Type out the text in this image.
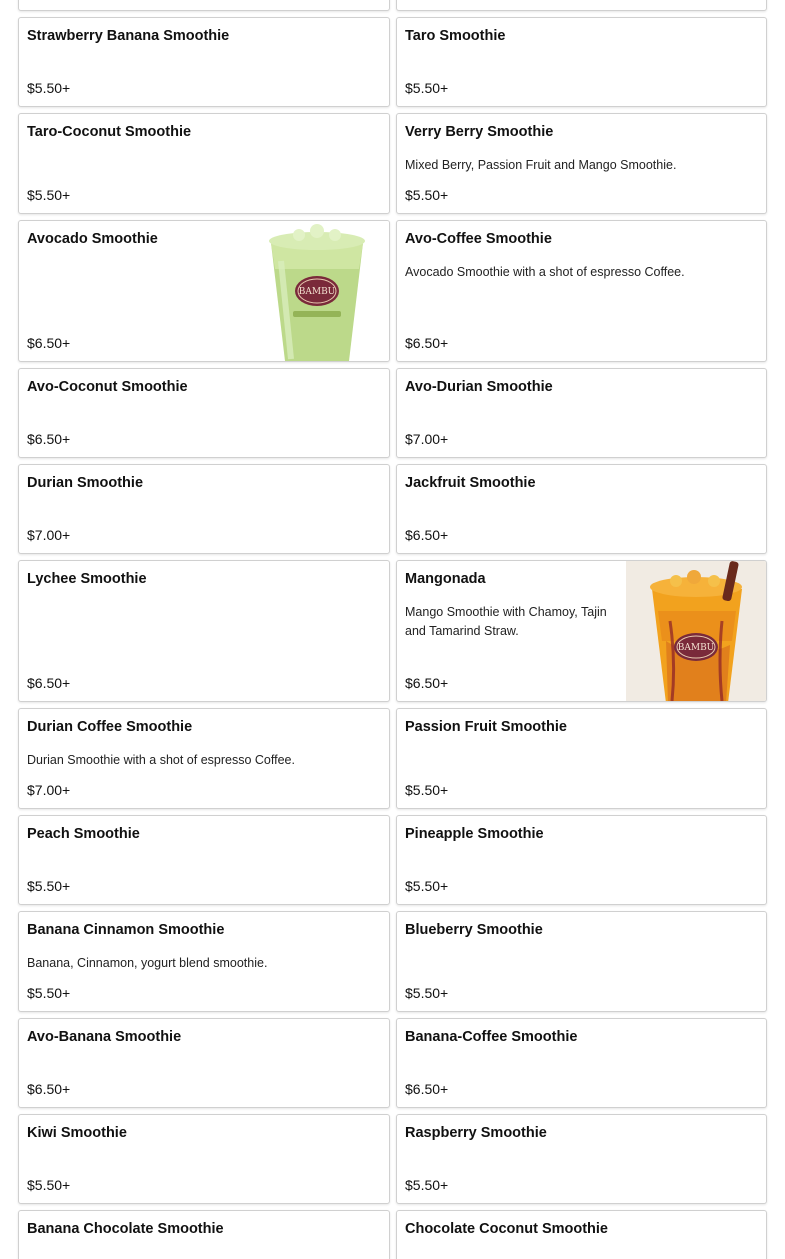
Strawberry Banana Smoothie
$5.50+
Taro Smoothie
$5.50+
Taro-Coconut Smoothie
$5.50+
Verry Berry Smoothie
Mixed Berry, Passion Fruit and Mango Smoothie.
$5.50+
Avocado Smoothie
$6.50+
BAMBU
Avo-Coffee Smoothie
Avocado Smoothie with a shot of espresso Coffee.
$6.50+
Avo-Coconut Smoothie
$6.50+
Avo-Durian Smoothie
$7.00+
Durian Smoothie
$7.00+
Jackfruit Smoothie
$6.50+
Lychee Smoothie
$6.50+
Mangonada
Mango Smoothie with Chamoy, Tajin and Tamarind Straw.
$6.50+
BAMBU
Durian Coffee Smoothie
Durian Smoothie with a shot of espresso Coffee.
$7.00+
Passion Fruit Smoothie
$5.50+
Peach Smoothie
$5.50+
Pineapple Smoothie
$5.50+
Banana Cinnamon Smoothie
Banana, Cinnamon, yogurt blend smoothie.
$5.50+
Blueberry Smoothie
$5.50+
Avo-Banana Smoothie
$6.50+
Banana-Coffee Smoothie
$6.50+
Kiwi Smoothie
$5.50+
Raspberry Smoothie
$5.50+
Banana Chocolate Smoothie	Chocolate Coconut Smoothie
